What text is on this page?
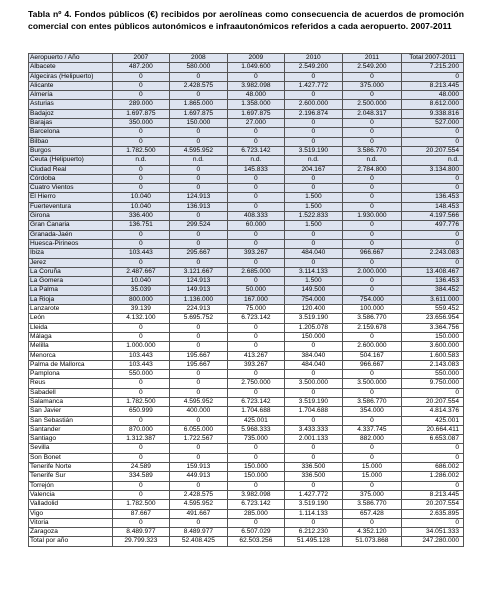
Tabla nº 4. Fondos públicos (€) recibidos por aerolíneas como consecuencia de acuerdos de promoción comercial con entes públicos autonómicos e infraautonómicos referidos a cada aeropuerto. 2007-2011
Aeropuerto / Año	2007	2008	2009	2010	2011	Total 2007-2011
Albacete	487.200	580.000	1.049.600	2.549.200	2.549.200	7.215.200
Algeciras (Helipuerto)	0	0	0	0	0	0
Alicante	0	2.428.575	3.982.098	1.427.772	375.000	8.213.445
Almería	0	0	48.000	0	0	48.000
Asturias	289.000	1.865.000	1.358.000	2.600.000	2.500.000	8.612.000
Badajoz	1.697.875	1.697.875	1.697.875	2.196.874	2.048.317	9.338.816
Barajas	350.000	150.000	27.000	0	0	527.000
Barcelona	0	0	0	0	0	0
Bilbao	0	0	0	0	0	0
Burgos	1.782.500	4.595.952	6.723.142	3.519.190	3.586.770	20.207.554
Ceuta (Helipuerto)	n.d.	n.d.	n.d.	n.d.	n.d.	n.d.
Ciudad Real	0	0	145.833	204.167	2.784.800	3.134.800
Córdoba	0	0	0	0	0	0
Cuatro Vientos	0	0	0	0	0	0
El Hierro	10.040	124.913	0	1.500	0	136.453
Fuerteventura	10.040	136.913	0	1.500	0	148.453
Girona	336.400	0	408.333	1.522.833	1.930.000	4.197.566
Gran Canaria	136.751	299.524	60.000	1.500	0	497.776
Granada-Jaén	0	0	0	0	0	0
Huesca-Pirineos	0	0	0	0	0	0
Ibiza	103.443	295.667	393.267	484.040	966.667	2.243.083
Jerez	0	0	0	0	0	0
La Coruña	2.487.667	3.121.667	2.685.000	3.114.133	2.000.000	13.408.467
La Gomera	10.040	124.913	0	1.500	0	136.453
La Palma	35.039	149.913	50.000	149.500	0	384.452
La Rioja	800.000	1.136.000	167.000	754.000	754.000	3.611.000
Lanzarote	39.139	224.913	75.000	120.400	100.000	559.452
León	4.132.100	5.695.752	6.723.142	3.519.190	3.586.770	23.656.954
Lleida	0	0	0	1.205.078	2.159.678	3.364.756
Málaga	0	0	0	150.000	0	150.000
Melilla	1.000.000	0	0	0	2.600.000	3.600.000
Menorca	103.443	195.667	413.267	384.040	504.167	1.600.583
Palma de Mallorca	103.443	195.667	393.267	484.040	966.667	2.143.083
Pamplona	550.000	0	0	0	0	550.000
Reus	0	0	2.750.000	3.500.000	3.500.000	9.750.000
Sabadell	0	0	0	0	0	0
Salamanca	1.782.500	4.595.952	6.723.142	3.519.190	3.586.770	20.207.554
San Javier	650.999	400.000	1.704.688	1.704.688	354.000	4.814.376
San Sebastián	0	0	425.001	0	0	425.001
Santander	870.000	6.055.000	5.968.333	3.433.333	4.337.745	20.664.411
Santiago	1.312.387	1.722.567	735.000	2.001.133	882.000	6.653.087
Sevilla	0	0	0	0	0	0
Son Bonet	0	0	0	0	0	0
Tenerife Norte	24.589	159.913	150.000	336.500	15.000	686.002
Tenerife Sur	334.589	449.913	150.000	336.500	15.000	1.286.002
Torrejón	0	0	0	0	0	0
Valencia	0	2.428.575	3.982.098	1.427.772	375.000	8.213.445
Valladolid	1.782.500	4.595.952	6.723.142	3.519.190	3.586.770	20.207.554
Vigo	87.667	491.667	285.000	1.114.133	657.428	2.635.895
Vitoria	0	0	0	0	0	0
Zaragoza	8.489.977	8.489.977	6.507.029	6.212.230	4.352.120	34.051.333
Total por año	29.799.323	52.408.425	62.503.256	51.495.128	51.073.868	247.280.000
